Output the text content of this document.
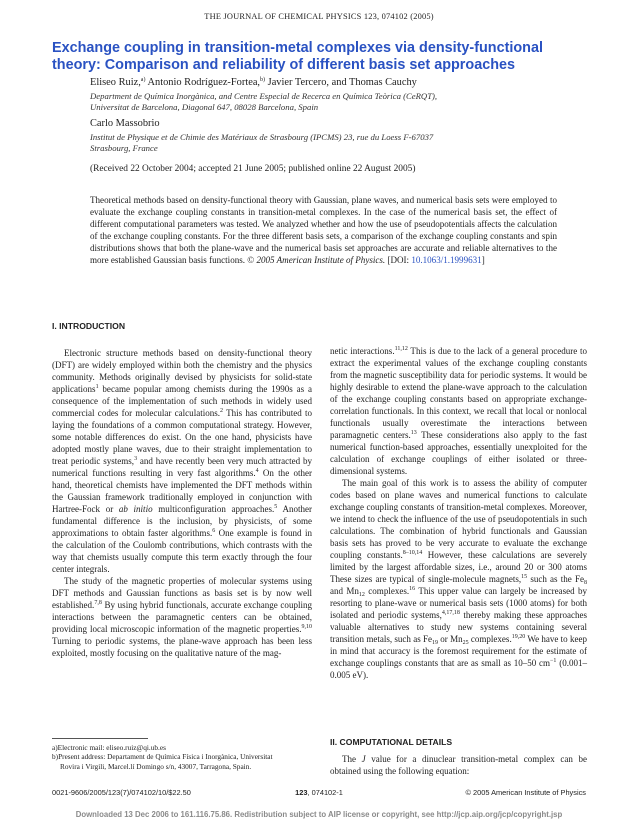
THE JOURNAL OF CHEMICAL PHYSICS 123, 074102 (2005)
Exchange coupling in transition-metal complexes via density-functional theory: Comparison and reliability of different basis set approaches
Eliseo Ruiz,$^{a)}$ Antonio Rodríguez-Fortea,$^{b)}$ Javier Tercero, and Thomas Cauchy
Department de Química Inorgànica, and Centre Especial de Recerca en Química Teòrica (CeRQT),
Universitat de Barcelona, Diagonal 647, 08028 Barcelona, Spain
Carlo Massobrio
Institut de Physique et de Chimie des Matériaux de Strasbourg (IPCMS) 23, rue du Loess F-67037
Strasbourg, France
(Received 22 October 2004; accepted 21 June 2005; published online 22 August 2005)
Theoretical methods based on density-functional theory with Gaussian, plane waves, and numerical basis sets were employed to evaluate the exchange coupling constants in transition-metal complexes. In the case of the numerical basis set, the effect of different computational parameters was tested. We analyzed whether and how the use of pseudopotentials affects the calculation of the exchange coupling constants. For the three different basis sets, a comparison of the exchange coupling constants and spin distributions shows that both the plane-wave and the numerical basis set approaches are accurate and reliable alternatives to the more established Gaussian basis functions. © 2005 American Institute of Physics. [DOI: 10.1063/1.1999631]
I. INTRODUCTION

Electronic structure methods based on density-functional theory (DFT) are widely employed within both the chemistry and the physics community. Methods originally devised by physicists for solid-state applications$^1$ became popular among chemists during the 1990s as a consequence of the implementation of such methods in widely used commercial codes for molecular calculations.$^2$ This has contributed to laying the foundations of a common computational strategy. However, some notable differences do exist. On the one hand, physicists have adopted mostly plane waves, due to their straight implementation to treat periodic systems,$^3$ and have recently been very much attracted by numerical functions resulting in very fast algorithms.$^4$ On the other hand, theoretical chemists have implemented the DFT methods within the Gaussian framework traditionally employed in conjunction with Hartree-Fock or ab initio multiconfiguration approaches.$^5$ Another fundamental difference is the inclusion, by physicists, of some approximations to obtain faster algorithms.$^6$ One example is found in the calculation of the Coulomb contributions, which contrasts with the way that chemists usually compute this term exactly through the four center integrals.

The study of the magnetic properties of molecular systems using DFT methods and Gaussian functions as basis set is by now well established.$^{7,8}$ By using hybrid functionals, accurate exchange coupling interactions between the paramagnetic centers can be obtained, providing local microscopic information of the magnetic properties.$^{9,10}$ Turning to periodic systems, the plane-wave approach has been less exploited, mostly focusing on the qualitative nature of the mag-

netic interactions.$^{11,12}$ This is due to the lack of a general procedure to extract the experimental values of the exchange coupling constants from the magnetic susceptibility data for periodic systems. It would be highly desirable to extend the plane-wave approach to the calculation of the exchange coupling constants based on appropriate exchange-correlation functionals. In this context, we recall that local or nonlocal functionals usually overestimate the interactions between paramagnetic centers.$^{13}$ These considerations also apply to the fast numerical function-based approaches, essentially unexploited for the calculation of exchange couplings of either isolated or three-dimensional systems.

The main goal of this work is to assess the ability of computer codes based on plane waves and numerical functions to calculate exchange coupling constants of transition-metal complexes. Moreover, we intend to check the influence of the use of pseudopotentials in such calculations. The combination of hybrid functionals and Gaussian basis sets has proved to be very accurate to evaluate the exchange coupling constants.$^{8-10,14}$ However, these calculations are severely limited by the largest affordable sizes, i.e., around 20 or 300 atoms These sizes are typical of single-molecule magnets,$^{15}$ such as the $Fe_8$ and $Mn_{12}$ complexes.$^{16}$ This upper value can largely be increased by resorting to plane-wave or numerical basis sets (1000 atoms) for both isolated and periodic systems,$^{4,17,18}$ thereby making these approaches valuable alternatives to study new systems containing several transition metals, such as $Fe_{19}$ or $Mn_{25}$ complexes.$^{19,20}$ We have to keep in mind that accuracy is the foremost requirement for the estimate of exchange couplings constants that are as small as 10–50 $cm^{-1}$ (0.001–0.005 eV).

II. COMPUTATIONAL DETAILS

The J value for a dinuclear transition-metal complex can be obtained using the following equation:

a)Electronic mail: eliseo.ruiz@qi.ub.es
b)Present address: Departament de Química Física i Inorgànica, Universitat
Rovira i Virgili, Marcel.lí Domingo s/n, 43007, Tarragona, Spain.
0021-9606/2005/123(7)/074102/10/$22.50	123, 074102-1	© 2005 American Institute of Physics
Downloaded 13 Dec 2006 to 161.116.75.86. Redistribution subject to AIP license or copyright, see http://jcp.aip.org/jcp/copyright.jsp
